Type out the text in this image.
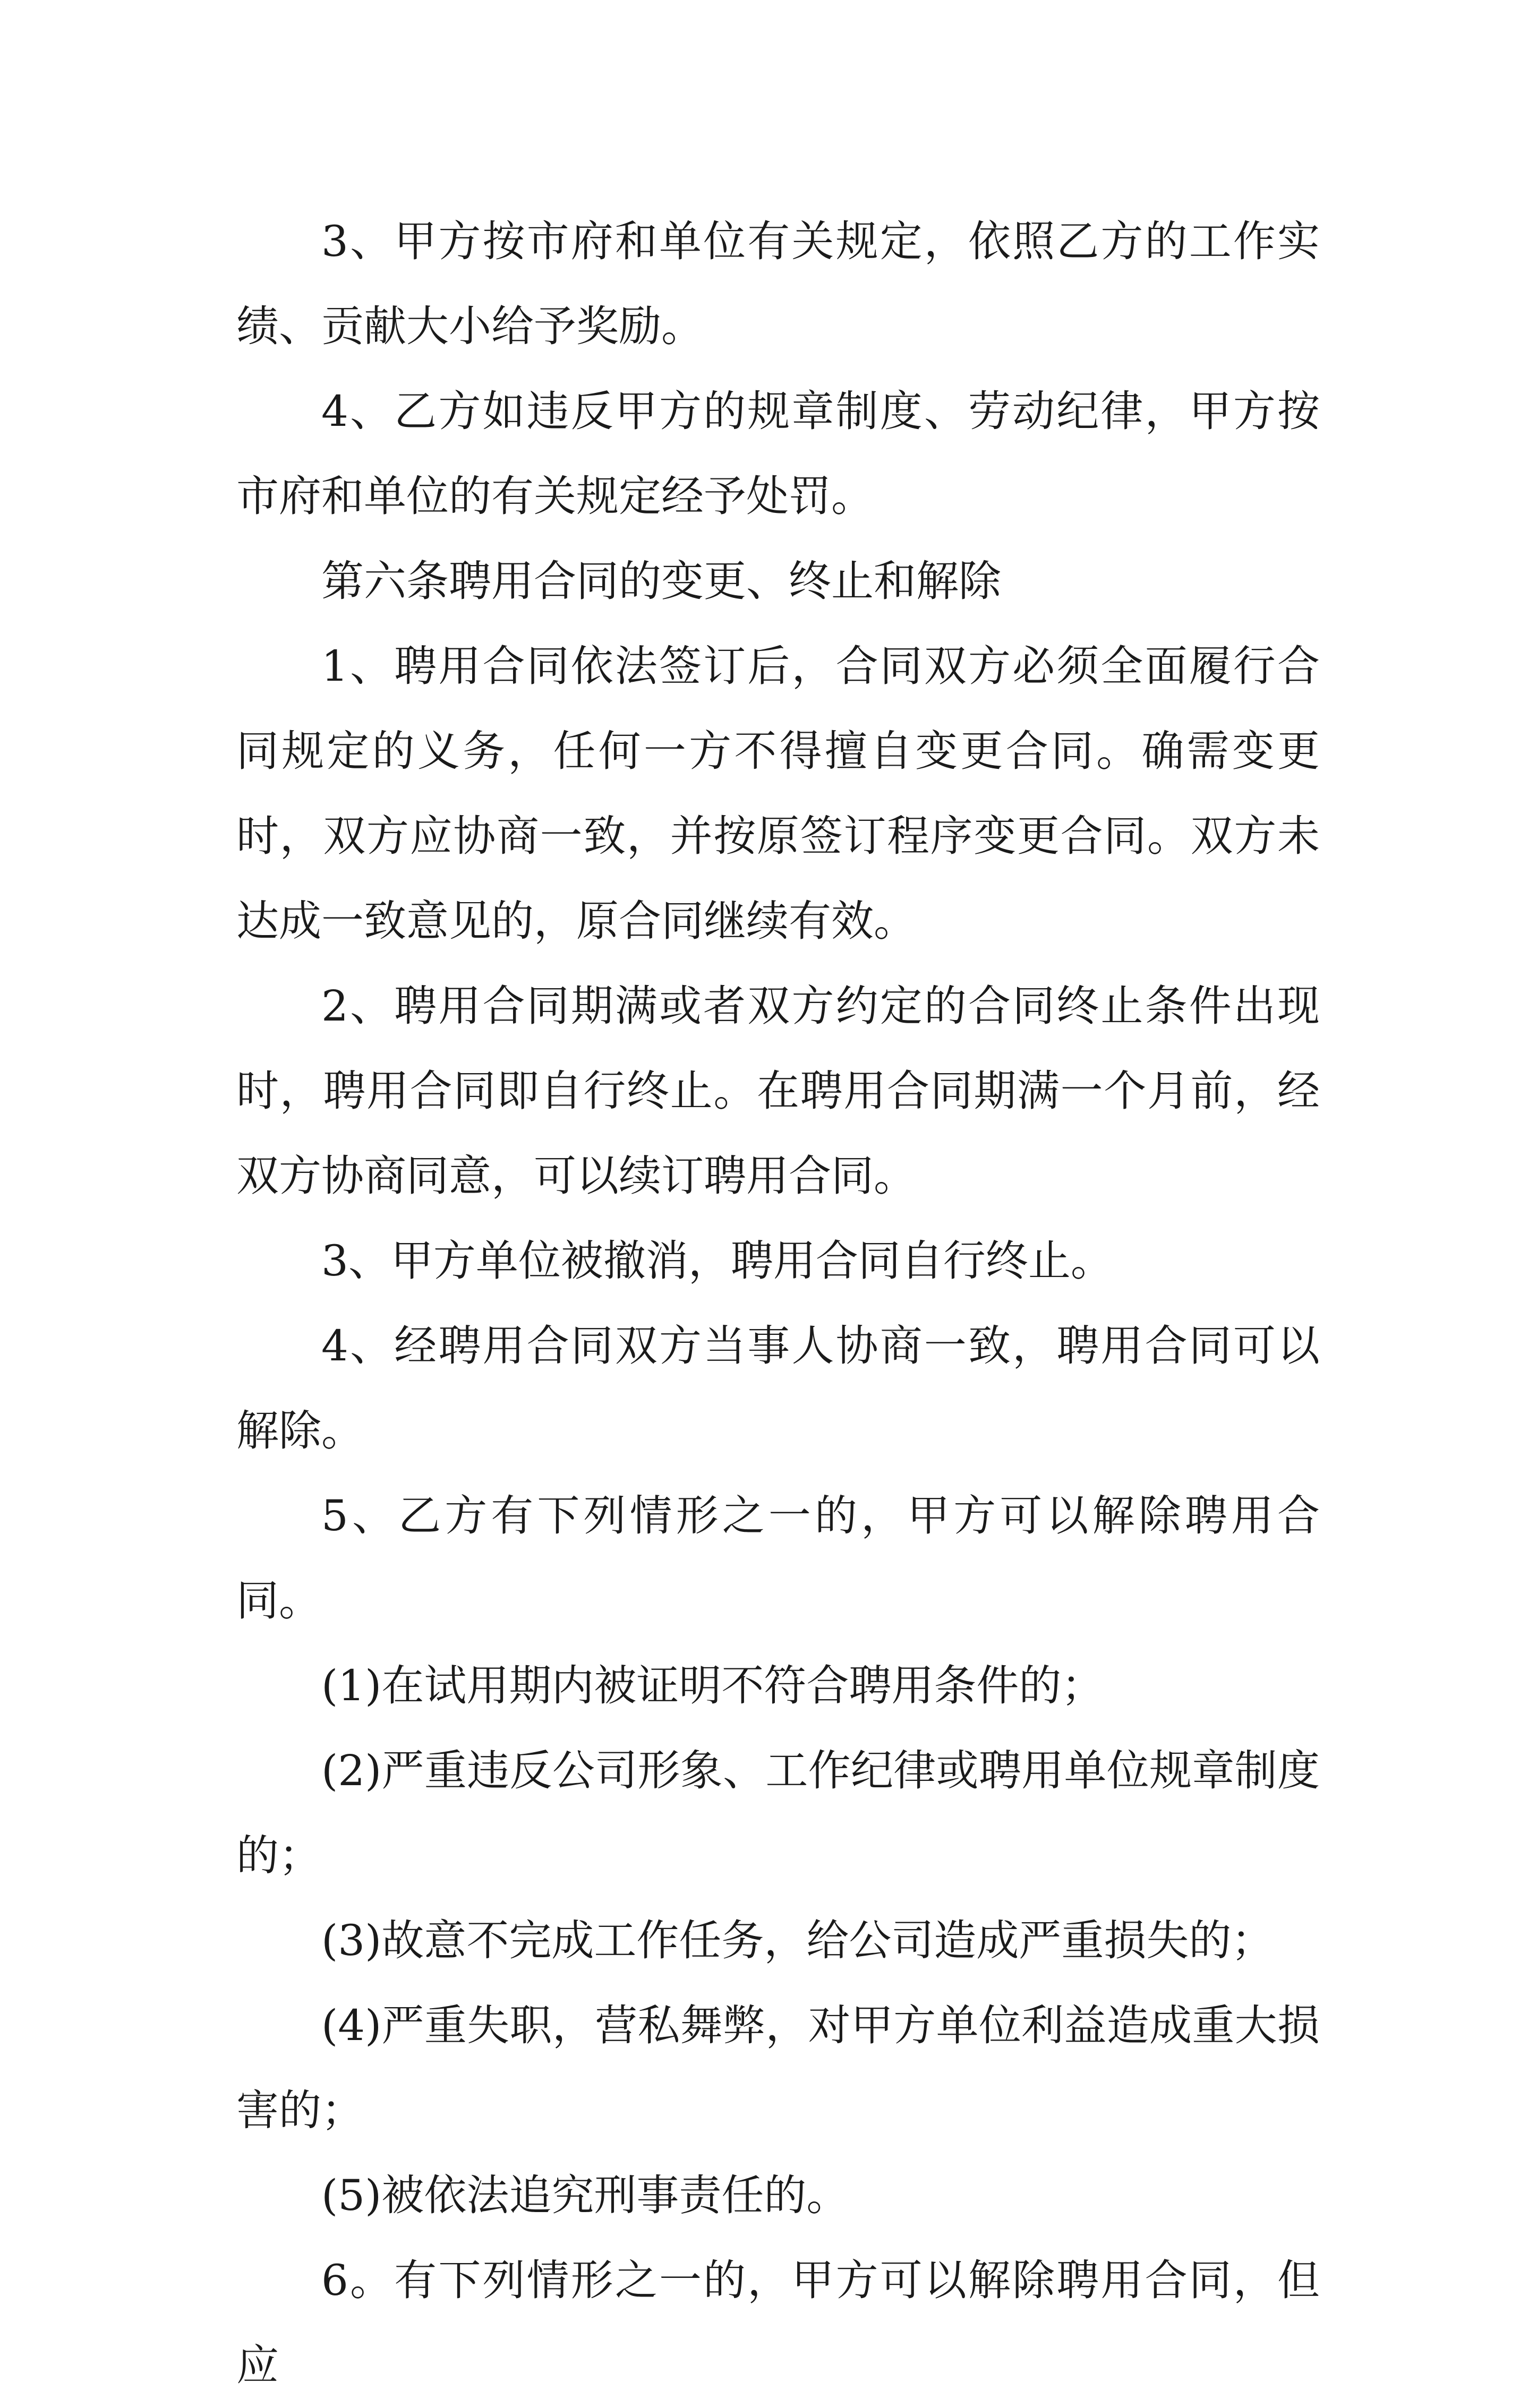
3、甲方按市府和单位有关规定，依照乙方的工作实绩、贡献大小给予奖励。

4、乙方如违反甲方的规章制度、劳动纪律，甲方按市府和单位的有关规定经予处罚。

第六条聘用合同的变更、终止和解除

1、聘用合同依法签订后，合同双方必须全面履行合同规定的义务，任何一方不得擅自变更合同。确需变更时，双方应协商一致，并按原签订程序变更合同。双方未达成一致意见的，原合同继续有效。

2、聘用合同期满或者双方约定的合同终止条件出现时，聘用合同即自行终止。在聘用合同期满一个月前，经双方协商同意，可以续订聘用合同。

3、甲方单位被撤消，聘用合同自行终止。

4、经聘用合同双方当事人协商一致，聘用合同可以解除。

5、乙方有下列情形之一的，甲方可以解除聘用合同。

(1)在试用期内被证明不符合聘用条件的；

(2)严重违反公司形象、工作纪律或聘用单位规章制度的；

(3)故意不完成工作任务，给公司造成严重损失的；

(4)严重失职，营私舞弊，对甲方单位利益造成重大损害的；

(5)被依法追究刑事责任的。

6。有下列情形之一的，甲方可以解除聘用合同，但应
